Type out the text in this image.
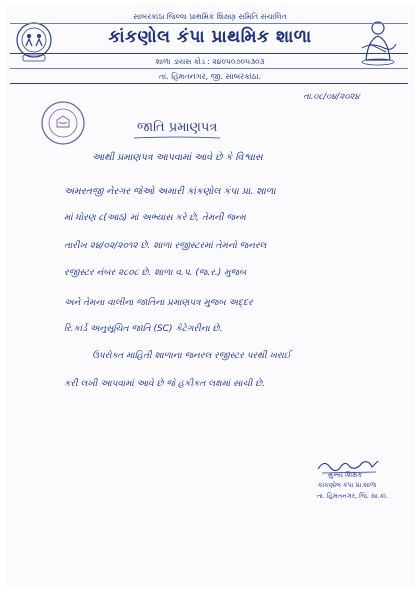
સાબરકાંઠા જિલ્લા પ્રાથમિક શિક્ષણ સમિતિ સંચાલિત
કાંકણોલ કંપા પ્રાથમિક શાળા
શાળા ડાયસ કોડ : ૨૪૦૫૦૭૦૫૩૦૩
તા. હિંમતનગર, જી. સાબરકાંઠા.
તા.૦૮/૦૪/૨૦૨૪
જાતિ પ્રમાણપત્ર
આથી પ્રમાણપત્ર આપવામાં આવે છે કે વિશ્વાસ
અમરતજી નેરગર જેઓ અમારી કાંકણોલ કંપા પ્રા. શાળા
માં ધોરણ ૮(આઠ) માં અભ્યાસ કરે છે, તેમની જન્મ
તારીખ ૨૪/૦૨/૨૦૧૨ છે. શાળા રજીસ્ટરમાં તેમનો જનરલ
રજીસ્ટર નંબર ૨૮૦૮ છે. શાળા વ.પ. (જ.ર.) મુજબ
અને તેમના વાલીના જાતિના પ્રમાણપત્ર મુજબ અદ્દર
રિ.કાર્ડ અનુસૂચિત જાતિ (SC) કેટેગરીના છે.
ઉપરોક્ત માહિતી શાળાના જનરલ રજીસ્ટર પરથી ખરાઈ
કરી લખી આપવામાં આવે છે જે હકીકત લક્ષમાં સાચી છે.
મુખ્ય શિક્ષક
કાંકણોલ કંપા પ્રા.શાળા
તા. હિંમતનગર, જિ. સા.કાં.
